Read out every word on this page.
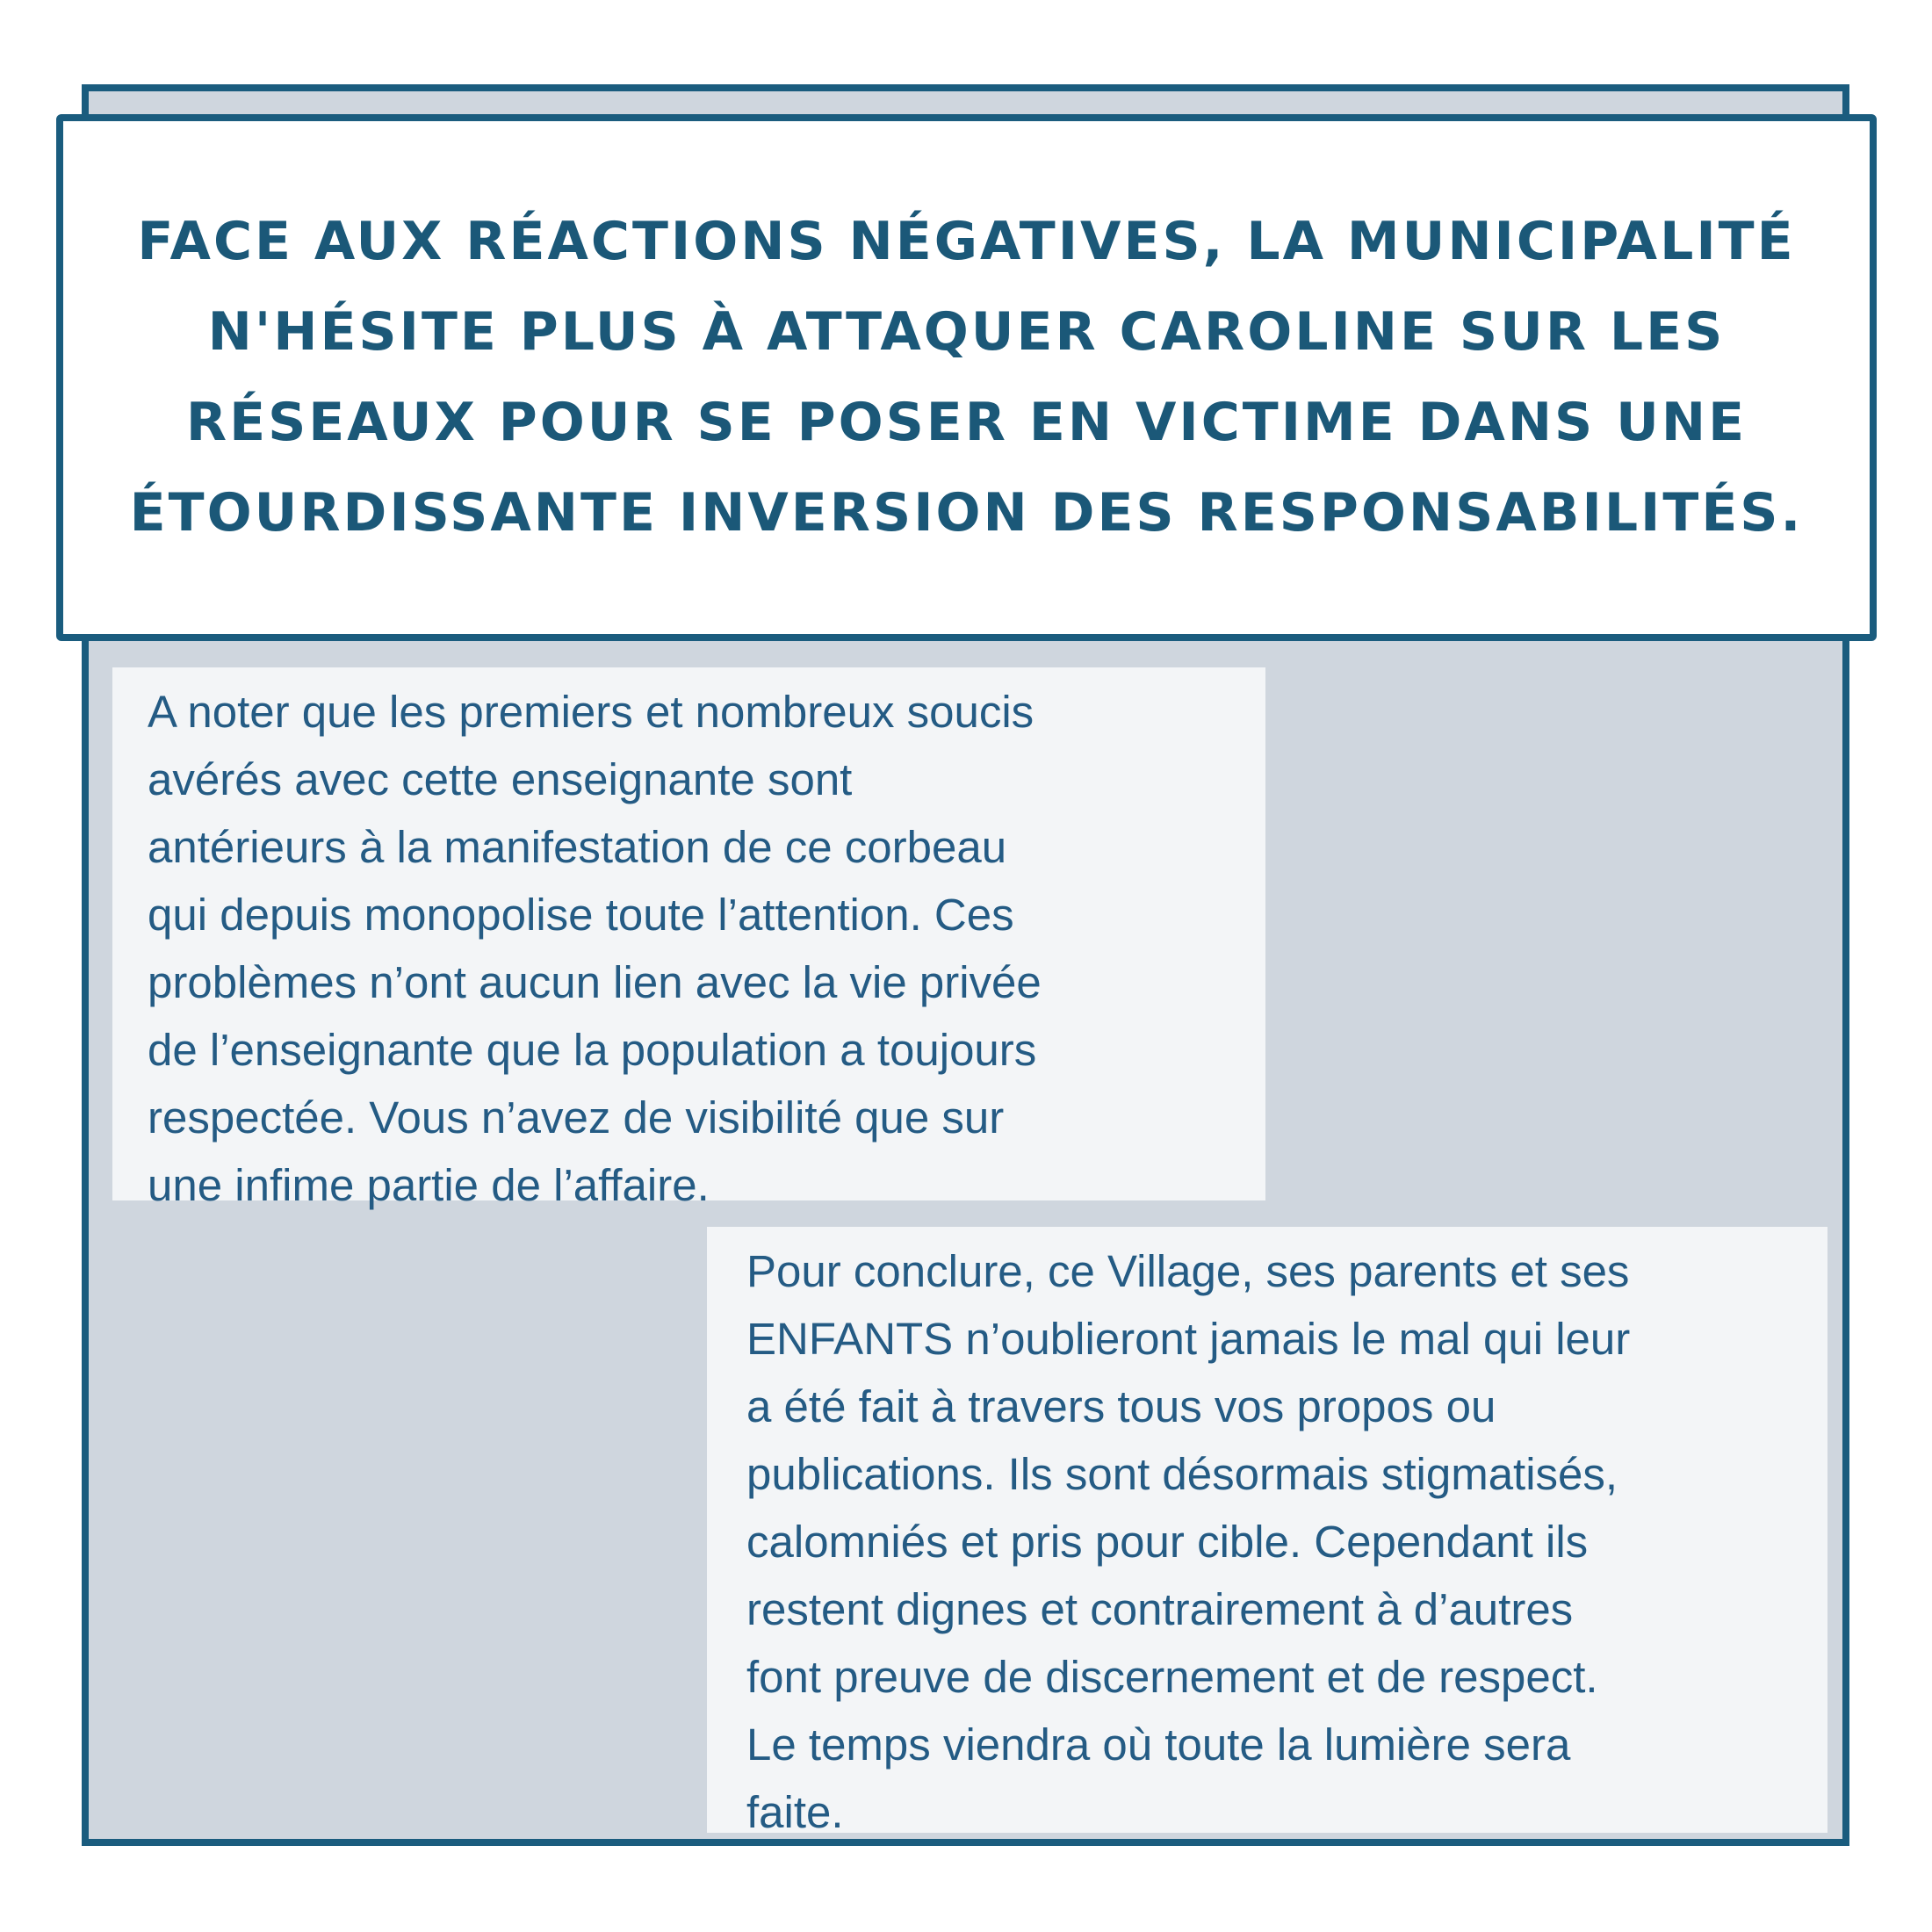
FACE AUX RÉACTIONS NÉGATIVES, LA MUNICIPALITÉ N'HÉSITE PLUS À ATTAQUER CAROLINE SUR LES RÉSEAUX POUR SE POSER EN VICTIME DANS UNE ÉTOURDISSANTE INVERSION DES RESPONSABILITÉS.

A noter que les premiers et nombreux soucis
avérés avec cette enseignante sont
antérieurs à la manifestation de ce corbeau
qui depuis monopolise toute l’attention. Ces
problèmes n’ont aucun lien avec la vie privée
de l’enseignante que la population a toujours
respectée. Vous n’avez de visibilité que sur
une infime partie de l’affaire.

Pour conclure, ce Village, ses parents et ses
ENFANTS n’oublieront jamais le mal qui leur
a été fait à travers tous vos propos ou
publications. Ils sont désormais stigmatisés,
calomniés et pris pour cible. Cependant ils
restent dignes et contrairement à d’autres
font preuve de discernement et de respect.
Le temps viendra où toute la lumière sera
faite.
